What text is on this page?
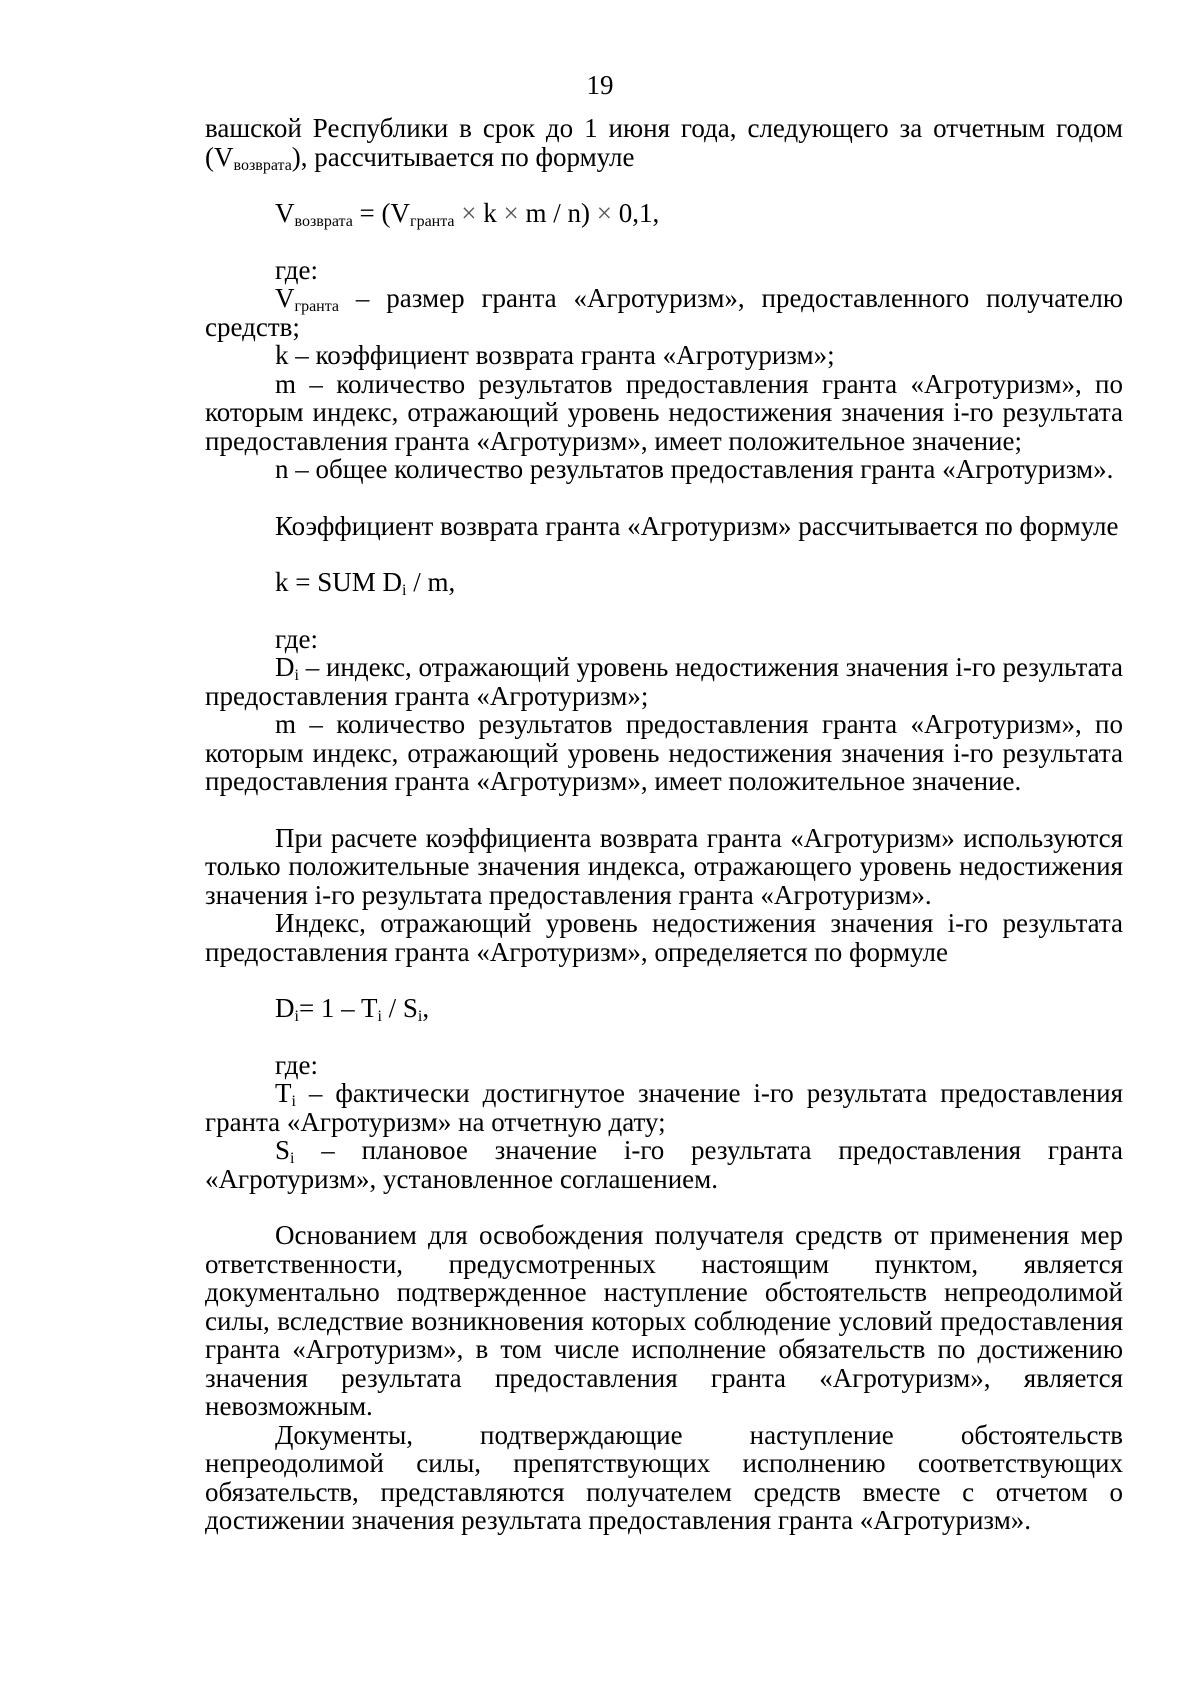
19

вашской Республики в срок до 1 июня года, следующего за отчетным годом $(V_{возврата})$, рассчитывается по формуле

$V_{возврата} = (V_{гранта} \times k \times m / n) \times 0,1$,

где:

$V_{гранта}$ – размер гранта «Агротуризм», предоставленного получателю средств;

k – коэффициент возврата гранта «Агротуризм»;

m – количество результатов предоставления гранта «Агротуризм», по которым индекс, отражающий уровень недостижения значения i-го результата предоставления гранта «Агротуризм», имеет положительное значение;

n – общее количество результатов предоставления гранта «Агротуризм».

Коэффициент возврата гранта «Агротуризм» рассчитывается по формуле

k = SUM $D_i$ / m,

где:

$D_i$ – индекс, отражающий уровень недостижения значения i-го результата предоставления гранта «Агротуризм»;

m – количество результатов предоставления гранта «Агротуризм», по которым индекс, отражающий уровень недостижения значения i-го результата предоставления гранта «Агротуризм», имеет положительное значение.

При расчете коэффициента возврата гранта «Агротуризм» используются только положительные значения индекса, отражающего уровень недостижения значения i-го результата предоставления гранта «Агротуризм».

Индекс, отражающий уровень недостижения значения i-го результата предоставления гранта «Агротуризм», определяется по формуле

$D_i= 1 - T_i / S_i$,

где:

$T_i$ – фактически достигнутое значение i-го результата предоставления гранта «Агротуризм» на отчетную дату;

$S_i$ – плановое значение i-го результата предоставления гранта «Агротуризм», установленное соглашением.

Основанием для освобождения получателя средств от применения мер ответственности, предусмотренных настоящим пунктом, является документально подтвержденное наступление обстоятельств непреодолимой силы, вследствие возникновения которых соблюдение условий предоставления гранта «Агротуризм», в том числе исполнение обязательств по достижению значения результата предоставления гранта «Агротуризм», является невозможным.

Документы, подтверждающие наступление обстоятельств непреодолимой силы, препятствующих исполнению соответствующих обязательств, представляются получателем средств вместе с отчетом о достижении значения результата предоставления гранта «Агротуризм».
